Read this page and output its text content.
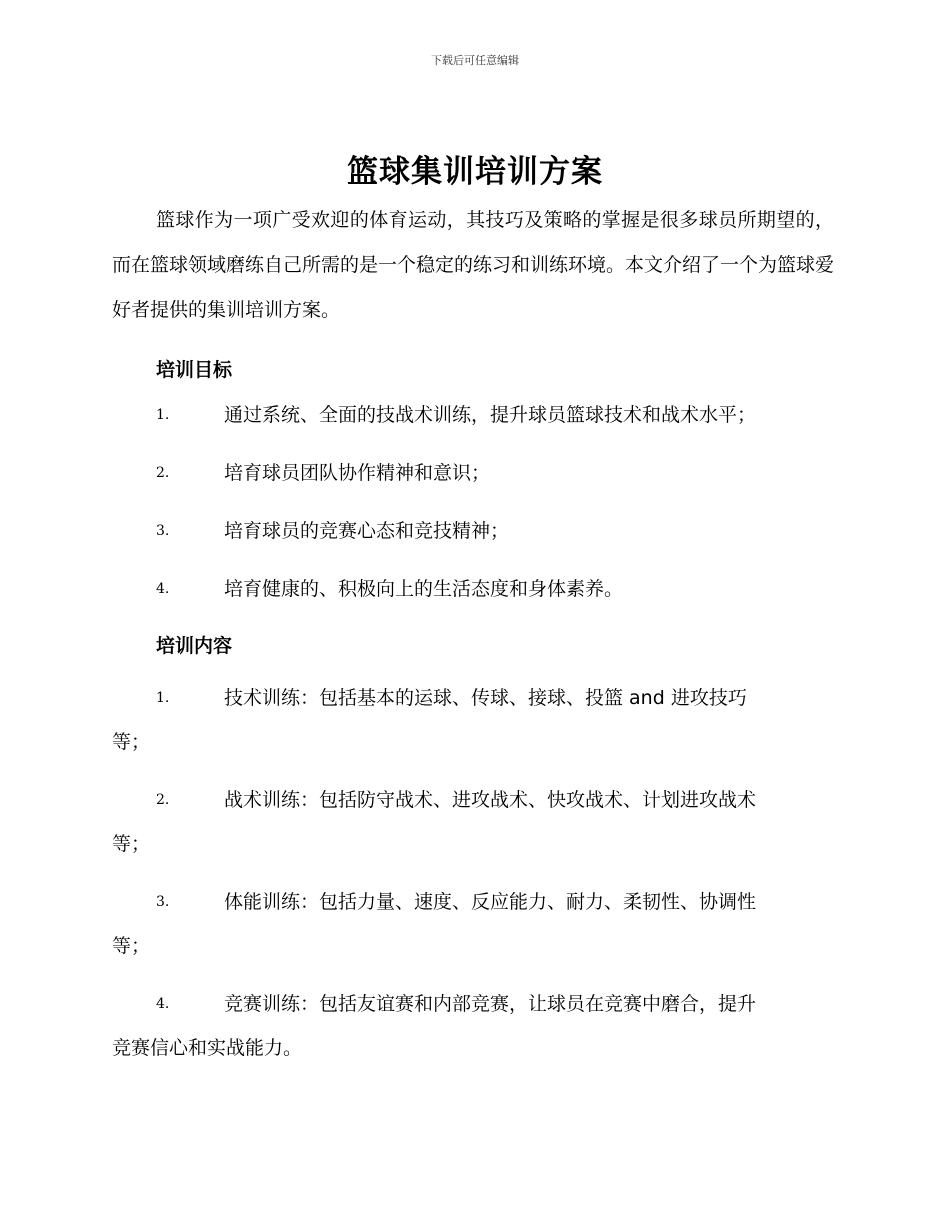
下载后可任意编辑
篮球集训培训方案

篮球作为一项广受欢迎的体育运动，其技巧及策略的掌握是很多球员所期望的，而在篮球领域磨练自己所需的是一个稳定的练习和训练环境。本文介绍了一个为篮球爱好者提供的集训培训方案。

培训目标
1.	通过系统、全面的技战术训练，提升球员篮球技术和战术水平；
2.	培育球员团队协作精神和意识；
3.	培育球员的竞赛心态和竞技精神；
4.	培育健康的、积极向上的生活态度和身体素养。
培训内容
1.	技术训练：包括基本的运球、传球、接球、投篮 and 进攻技巧
等；
2.	战术训练：包括防守战术、进攻战术、快攻战术、计划进攻战术
等；
3.	体能训练：包括力量、速度、反应能力、耐力、柔韧性、协调性
等；
4.	竞赛训练：包括友谊赛和内部竞赛，让球员在竞赛中磨合，提升
竞赛信心和实战能力。
